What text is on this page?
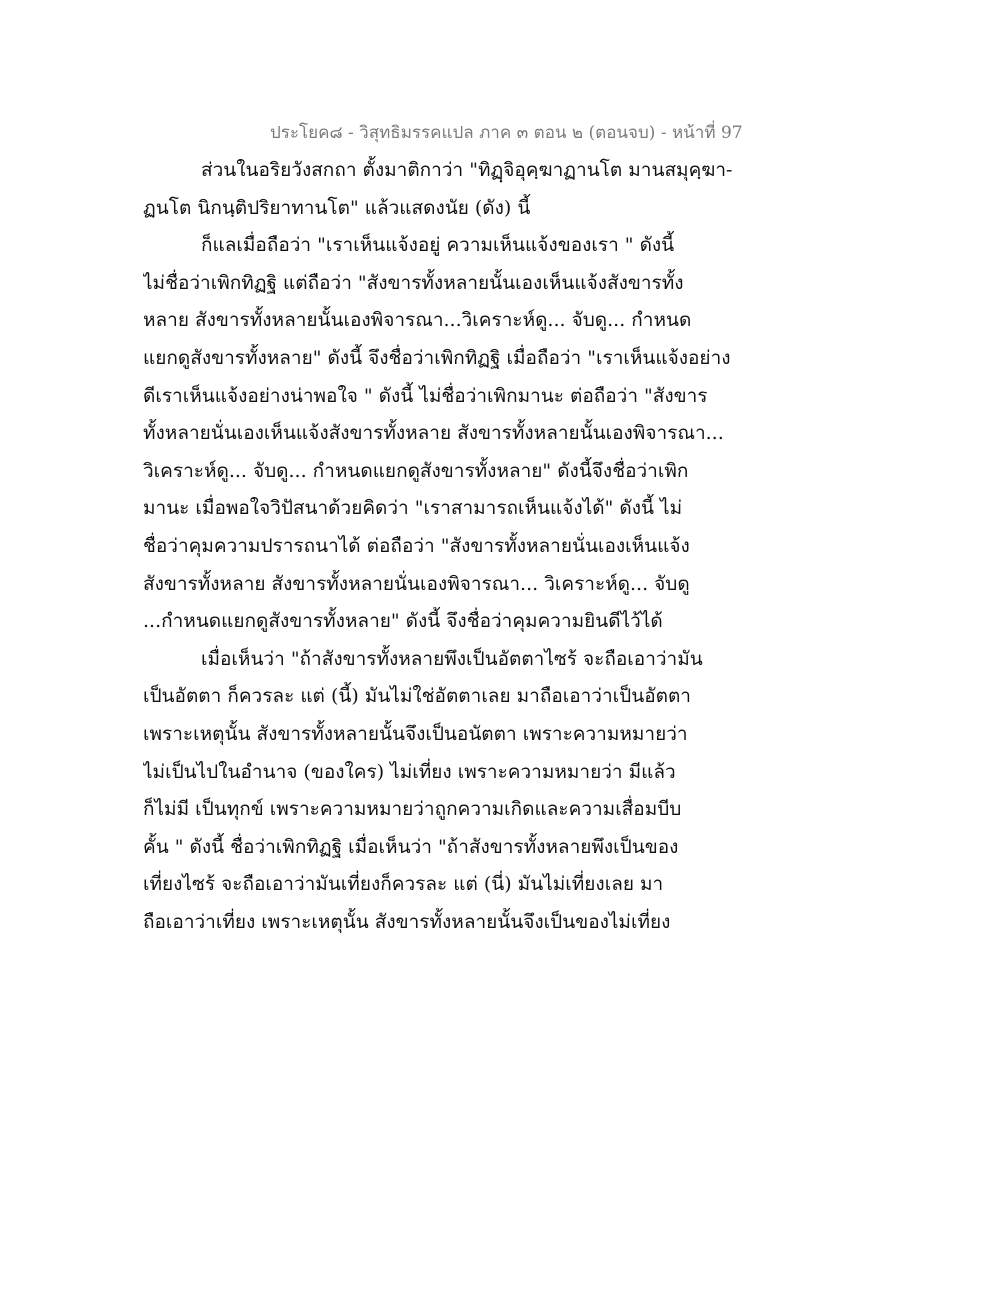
ประโยค๘ - วิสุทธิมรรคแปล ภาค ๓ ตอน ๒ (ตอนจบ) - หน้าที่ 97
ส่วนในอริยวังสกถา ตั้งมาติกาว่า "ทิฏฺจิอุคฺฆาฏานโต มานสมุคฺฆา-
ฏนโต นิกนฺติปริยาทานโต" แล้วแสดงนัย (ดัง) นี้
ก็แลเมื่อถือว่า "เราเห็นแจ้งอยู่ ความเห็นแจ้งของเรา " ดังนี้
ไม่ชื่อว่าเพิกทิฏฐิ แต่ถือว่า "สังขารทั้งหลายนั้นเองเห็นแจ้งสังขารทั้ง
หลาย สังขารทั้งหลายนั้นเองพิจารณา...วิเคราะห์ดู... จับดู... กำหนด
แยกดูสังขารทั้งหลาย" ดังนี้ จึงชื่อว่าเพิกทิฏฐิ เมื่อถือว่า "เราเห็นแจ้งอย่าง
ดีเราเห็นแจ้งอย่างน่าพอใจ " ดังนี้ ไม่ชื่อว่าเพิกมานะ ต่อถือว่า "สังขาร
ทั้งหลายนั่นเองเห็นแจ้งสังขารทั้งหลาย สังขารทั้งหลายนั้นเองพิจารณา...
วิเคราะห์ดู... จับดู... กำหนดแยกดูสังขารทั้งหลาย" ดังนี้จึงชื่อว่าเพิก
มานะ เมื่อพอใจวิปัสนาด้วยคิดว่า "เราสามารถเห็นแจ้งได้" ดังนี้ ไม่
ชื่อว่าคุมความปรารถนาได้ ต่อถือว่า "สังขารทั้งหลายนั่นเองเห็นแจ้ง
สังขารทั้งหลาย สังขารทั้งหลายนั่นเองพิจารณา... วิเคราะห์ดู... จับดู
...กำหนดแยกดูสังขารทั้งหลาย" ดังนี้ จึงชื่อว่าคุมความยินดีไว้ได้
เมื่อเห็นว่า "ถ้าสังขารทั้งหลายพึงเป็นอัตตาไซร้ จะถือเอาว่ามัน
เป็นอัตตา ก็ควรละ แต่ (นี้) มันไม่ใช่อัตตาเลย มาถือเอาว่าเป็นอัตตา
เพราะเหตุนั้น สังขารทั้งหลายนั้นจึงเป็นอนัตตา เพราะความหมายว่า
ไม่เป็นไปในอำนาจ (ของใคร) ไม่เที่ยง เพราะความหมายว่า มีแล้ว
ก็ไม่มี เป็นทุกข์ เพราะความหมายว่าถูกความเกิดและความเสื่อมบีบ
คั้น " ดังนี้ ชื่อว่าเพิกทิฏฐิ เมื่อเห็นว่า "ถ้าสังขารทั้งหลายพึงเป็นของ
เที่ยงไซร้ จะถือเอาว่ามันเที่ยงก็ควรละ แต่ (นี่) มันไม่เที่ยงเลย มา
ถือเอาว่าเที่ยง เพราะเหตุนั้น สังขารทั้งหลายนั้นจึงเป็นของไม่เที่ยง
